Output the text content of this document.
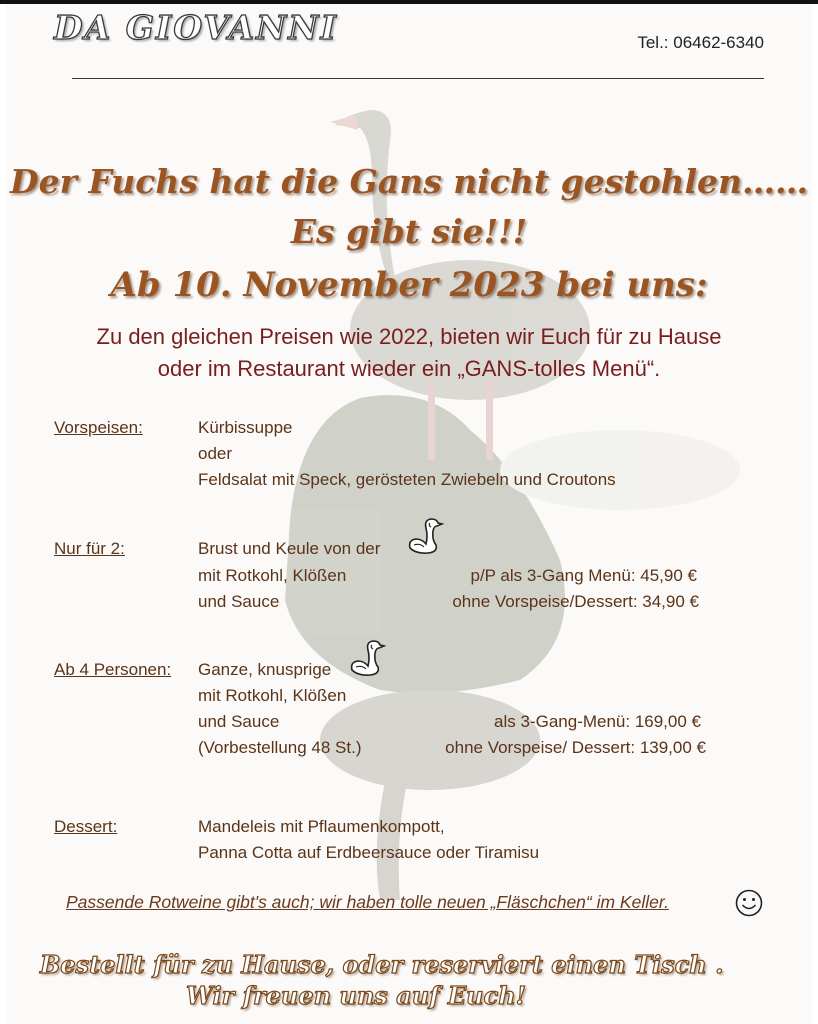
DA GIOVANNI	Tel.: 06462-6340
Der Fuchs hat die Gans nicht gestohlen……
Es gibt sie!!!
Ab 10. November 2023 bei uns:
Zu den gleichen Preisen wie 2022, bieten wir Euch für zu Hause
oder im Restaurant wieder ein „GANS-tolles Menü“.
Vorspeisen:	Kürbissuppe
oder
Feldsalat mit Speck, gerösteten Zwiebeln und Croutons
Nur für 2:	Brust und Keule von der
mit Rotkohl, Klößen
und Sauce
p/P als 3-Gang Menü: 45,90 €
ohne Vorspeise/Dessert: 34,90 €
Ab 4 Personen: Ganze, knusprige
mit Rotkohl, Klößen
und Sauce
(Vorbestellung 48 St.)
als 3-Gang-Menü: 169,00 €
ohne Vorspeise/ Dessert: 139,00 €
Dessert:	Mandeleis mit Pflaumenkompott,
Panna Cotta auf Erdbeersauce oder Tiramisu
Passende Rotweine gibt's auch; wir haben tolle neuen „Fläschchen“ im Keller.
Bestellt für zu Hause, oder reserviert einen Tisch .
Wir freuen uns auf Euch!
